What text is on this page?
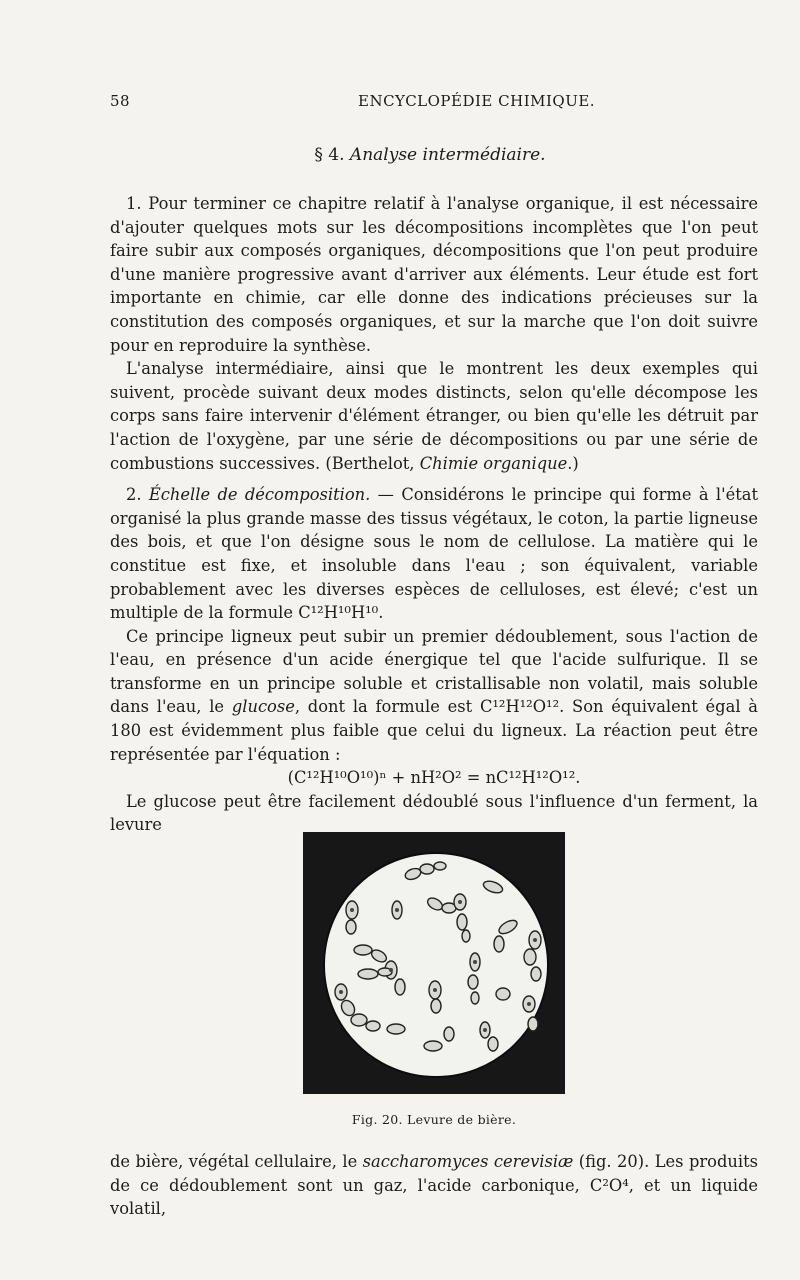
58	ENCYCLOPÉDIE CHIMIQUE.
§ 4. Analyse intermédiaire.

1. Pour terminer ce chapitre relatif à l'analyse organique, il est nécessaire d'ajouter quelques mots sur les décompositions incomplètes que l'on peut faire subir aux composés organiques, décompositions que l'on peut produire d'une manière progressive avant d'arriver aux éléments. Leur étude est fort importante en chimie, car elle donne des indications précieuses sur la constitution des composés organiques, et sur la marche que l'on doit suivre pour en reproduire la synthèse.

L'analyse intermédiaire, ainsi que le montrent les deux exemples qui suivent, procède suivant deux modes distincts, selon qu'elle décompose les corps sans faire intervenir d'élément étranger, ou bien qu'elle les détruit par l'action de l'oxygène, par une série de décompositions ou par une série de combustions successives. (Berthelot, Chimie organique.)

2. Échelle de décomposition. — Considérons le principe qui forme à l'état organisé la plus grande masse des tissus végétaux, le coton, la partie ligneuse des bois, et que l'on désigne sous le nom de cellulose. La matière qui le constitue est fixe, et insoluble dans l'eau ; son équivalent, variable probablement avec les diverses espèces de celluloses, est élevé; c'est un multiple de la formule C¹²H¹⁰H¹⁰.

Ce principe ligneux peut subir un premier dédoublement, sous l'action de l'eau, en présence d'un acide énergique tel que l'acide sulfurique. Il se transforme en un principe soluble et cristallisable non volatil, mais soluble dans l'eau, le glucose, dont la formule est C¹²H¹²O¹². Son équivalent égal à 180 est évidemment plus faible que celui du ligneux. La réaction peut être représentée par l'équation :

(C¹²H¹⁰O¹⁰)ⁿ + nH²O² = nC¹²H¹²O¹².

Le glucose peut être facilement dédoublé sous l'influence d'un ferment, la levure

Fig. 20. Levure de bière.

de bière, végétal cellulaire, le saccharomyces cerevisiæ (fig. 20). Les produits de ce dédoublement sont un gaz, l'acide carbonique, C²O⁴, et un liquide volatil,
